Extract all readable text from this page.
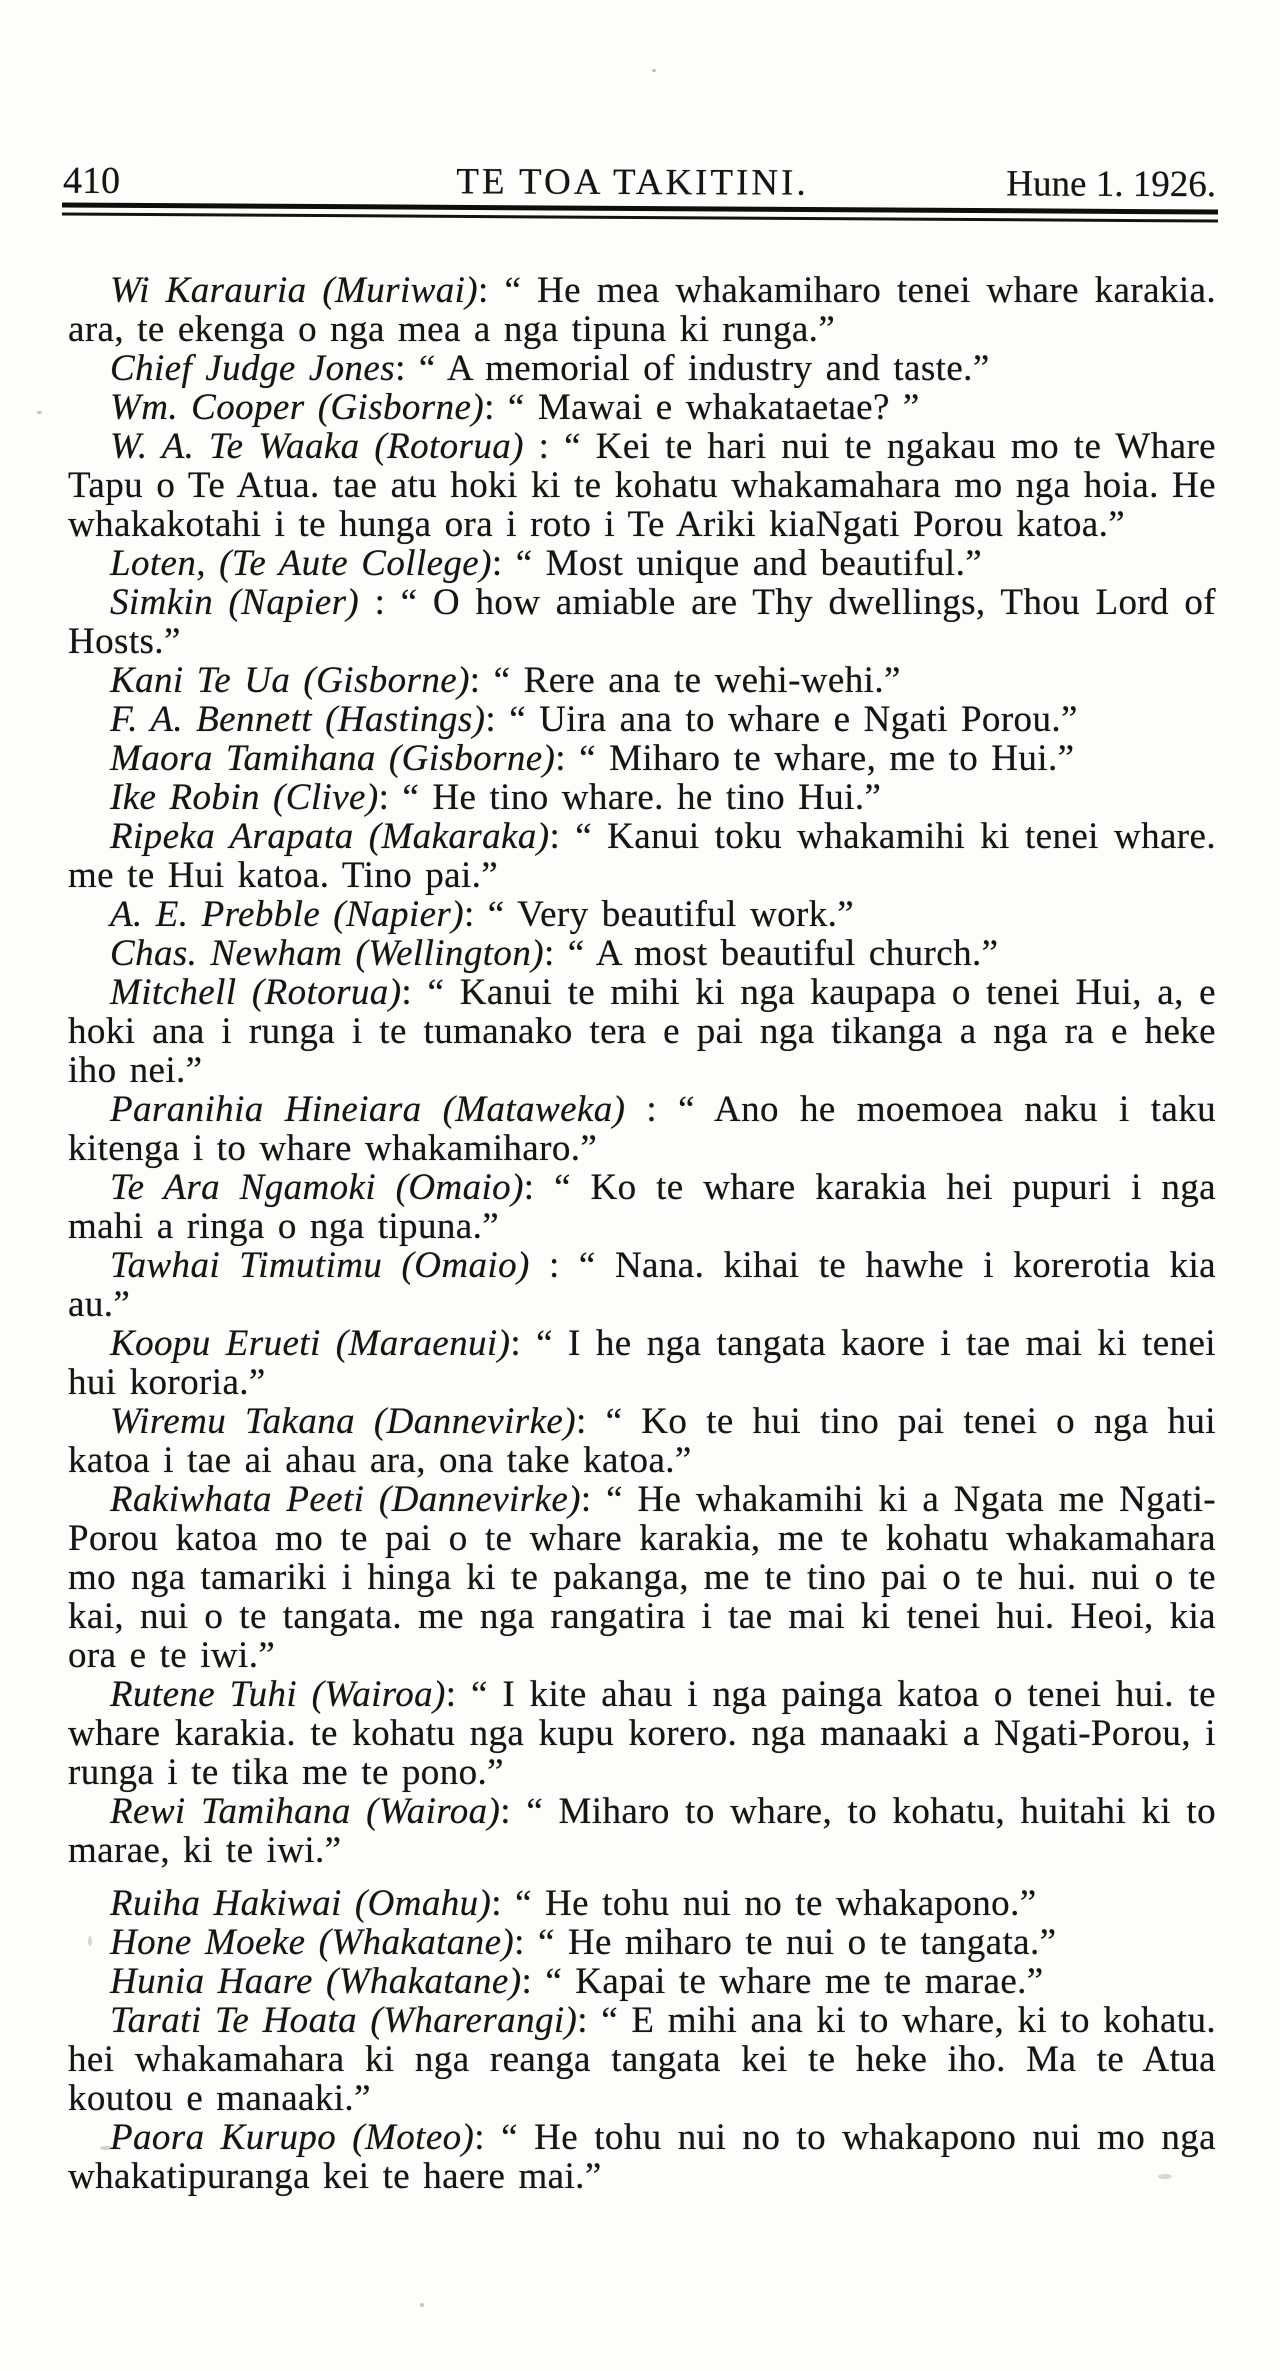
410	TE TOA TAKITINI.	Hune 1. 1926.

Wi Karauria (Muriwai): “ He mea whakamiharo tenei whare karakia. ara, te ekenga o nga mea a nga tipuna ki runga.”

Chief Judge Jones: “ A memorial of industry and taste.”

Wm. Cooper (Gisborne): “ Mawai e whakataetae? ”

W. A. Te Waaka (Rotorua) : “ Kei te hari nui te ngakau mo te Whare Tapu o Te Atua. tae atu hoki ki te kohatu whakamahara mo nga hoia. He whakakotahi i te hunga ora i roto i Te Ariki kiaNgati Porou katoa.”

Loten, (Te Aute College): “ Most unique and beautiful.”

Simkin (Napier) : “ O how amiable are Thy dwellings, Thou Lord of Hosts.”

Kani Te Ua (Gisborne): “ Rere ana te wehi-wehi.”

F. A. Bennett (Hastings): “ Uira ana to whare e Ngati Porou.”

Maora Tamihana (Gisborne): “ Miharo te whare, me to Hui.”

Ike Robin (Clive): “ He tino whare. he tino Hui.”

Ripeka Arapata (Makaraka): “ Kanui toku whakamihi ki tenei whare. me te Hui katoa. Tino pai.”

A. E. Prebble (Napier): “ Very beautiful work.”

Chas. Newham (Wellington): “ A most beautiful church.”

Mitchell (Rotorua): “ Kanui te mihi ki nga kaupapa o tenei Hui, a, e hoki ana i runga i te tumanako tera e pai nga tikanga a nga ra e heke iho nei.”

Paranihia Hineiara (Mataweka) : “ Ano he moemoea naku i taku kitenga i to whare whakamiharo.”

Te Ara Ngamoki (Omaio): “ Ko te whare karakia hei pupuri i nga mahi a ringa o nga tipuna.”

Tawhai Timutimu (Omaio) : “ Nana. kihai te hawhe i korerotia kia au.”

Koopu Erueti (Maraenui): “ I he nga tangata kaore i tae mai ki tenei hui kororia.”

Wiremu Takana (Dannevirke): “ Ko te hui tino pai tenei o nga hui katoa i tae ai ahau ara, ona take katoa.”

Rakiwhata Peeti (Dannevirke): “ He whakamihi ki a Ngata me Ngati-Porou katoa mo te pai o te whare karakia, me te kohatu whakamahara mo nga tamariki i hinga ki te pakanga, me te tino pai o te hui. nui o te kai, nui o te tangata. me nga rangatira i tae mai ki tenei hui. Heoi, kia ora e te iwi.”

Rutene Tuhi (Wairoa): “ I kite ahau i nga painga katoa o tenei hui. te whare karakia. te kohatu nga kupu korero. nga manaaki a Ngati-Porou, i runga i te tika me te pono.”

Rewi Tamihana (Wairoa): “ Miharo to whare, to kohatu, huitahi ki to marae, ki te iwi.”

Ruiha Hakiwai (Omahu): “ He tohu nui no te whakapono.”

Hone Moeke (Whakatane): “ He miharo te nui o te tangata.”

Hunia Haare (Whakatane): “ Kapai te whare me te marae.”

Tarati Te Hoata (Wharerangi): “ E mihi ana ki to whare, ki to kohatu. hei whakamahara ki nga reanga tangata kei te heke iho. Ma te Atua koutou e manaaki.”

Paora Kurupo (Moteo): “ He tohu nui no to whakapono nui mo nga whakatipuranga kei te haere mai.”
